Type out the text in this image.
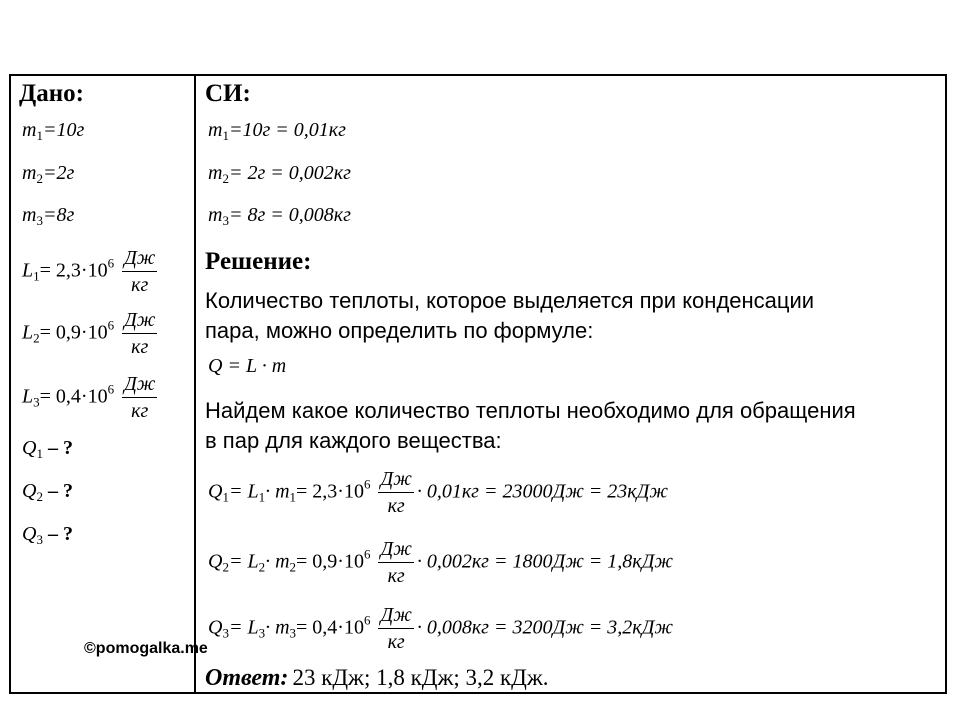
Дано:
$m_1=10г$
$m_2=2г$
$m_3=8г$
$L_1= 2,3\cdot 10^6 \frac{Дж}{кг}$
$L_2= 0,9\cdot 10^6 \frac{Дж}{кг}$
$L_3= 0,4\cdot 10^6 \frac{Дж}{кг}$
$Q_1$ – ?
$Q_2$ – ?
$Q_3$ – ?
©pomogalka.me
СИ:
$m_1=10г = 0,01кг$
$m_2= 2г = 0,002кг$
$m_3= 8г = 0,008кг$
Решение:
Количество теплоты, которое выделяется при конденсации
пара, можно определить по формуле:
Q = L · m
Найдем какое количество теплоты необходимо для обращения
в пар для каждого вещества:
$Q_1= L_1\cdot m_1= 2,3\cdot 10^6 \frac{Дж}{кг} \cdot 0,01кг = 23000Дж = 23кДж$
$Q_2= L_2\cdot m_2= 0,9\cdot 10^6 \frac{Дж}{кг} \cdot 0,002кг = 1800Дж = 1,8кДж$
$Q_3= L_3\cdot m_3= 0,4\cdot 10^6 \frac{Дж}{кг} \cdot 0,008кг = 3200Дж = 3,2кДж$
Ответ: 23 кДж; 1,8 кДж; 3,2 кДж.
